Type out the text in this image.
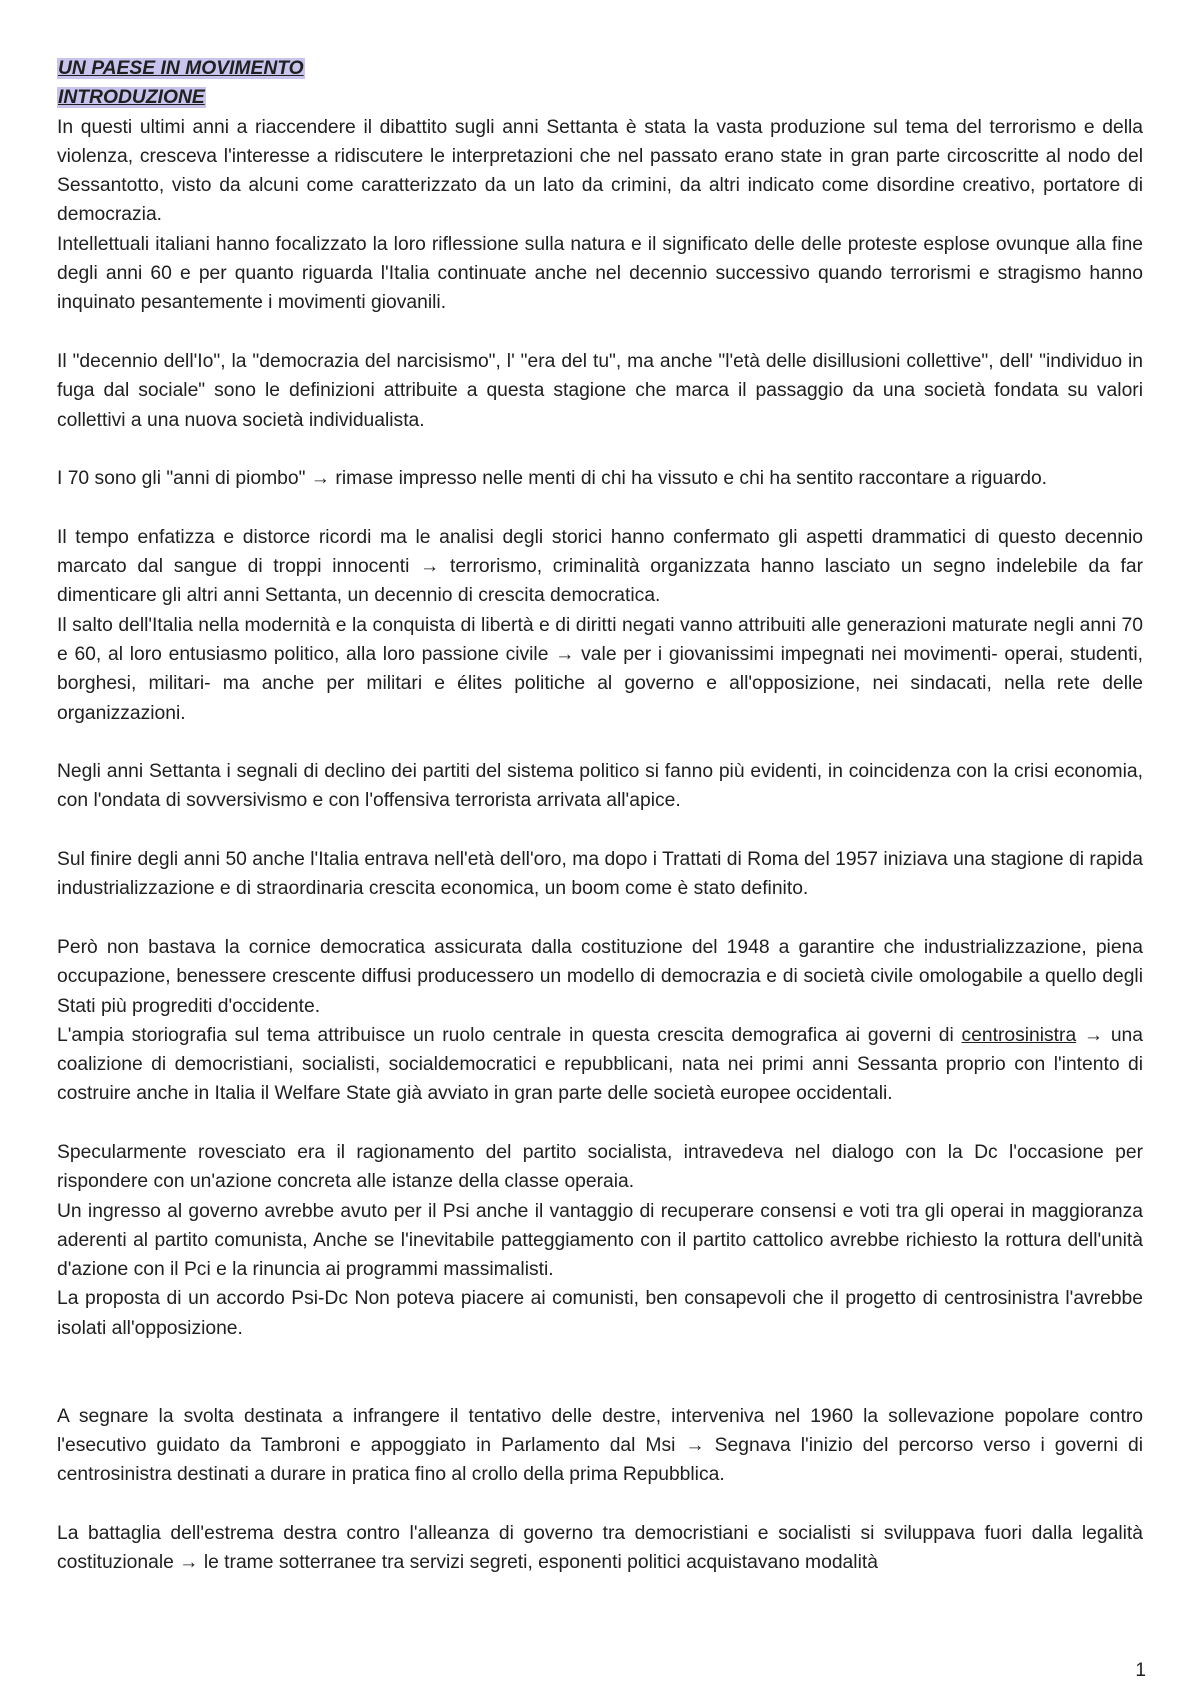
UN PAESE IN MOVIMENTO
INTRODUZIONE

In questi ultimi anni a riaccendere il dibattito sugli anni Settanta è stata la vasta produzione sul tema del terrorismo e della violenza, cresceva l'interesse a ridiscutere le interpretazioni che nel passato erano state in gran parte circoscritte al nodo del Sessantotto, visto da alcuni come caratterizzato da un lato da crimini, da altri indicato come disordine creativo, portatore di democrazia.

Intellettuali italiani hanno focalizzato la loro riflessione sulla natura e il significato delle delle proteste esplose ovunque alla fine degli anni 60 e per quanto riguarda l'Italia continuate anche nel decennio successivo quando terrorismi e stragismo hanno inquinato pesantemente i movimenti giovanili.

Il "decennio dell'Io", la "democrazia del narcisismo", l' "era del tu", ma anche "l'età delle disillusioni collettive", dell' "individuo in fuga dal sociale" sono le definizioni attribuite a questa stagione che marca il passaggio da una società fondata su valori collettivi a una nuova società individualista.

I 70 sono gli "anni di piombo" → rimase impresso nelle menti di chi ha vissuto e chi ha sentito raccontare a riguardo.

Il tempo enfatizza e distorce ricordi ma le analisi degli storici hanno confermato gli aspetti drammatici di questo decennio marcato dal sangue di troppi innocenti → terrorismo, criminalità organizzata hanno lasciato un segno indelebile da far dimenticare gli altri anni Settanta, un decennio di crescita democratica.

Il salto dell'Italia nella modernità e la conquista di libertà e di diritti negati vanno attribuiti alle generazioni maturate negli anni 70 e 60, al loro entusiasmo politico, alla loro passione civile → vale per i giovanissimi impegnati nei movimenti- operai, studenti, borghesi, militari- ma anche per militari e élites politiche al governo e all'opposizione, nei sindacati, nella rete delle organizzazioni.

Negli anni Settanta i segnali di declino dei partiti del sistema politico si fanno più evidenti, in coincidenza con la crisi economia, con l'ondata di sovversivismo e con l'offensiva terrorista arrivata all'apice.

Sul finire degli anni 50 anche l'Italia entrava nell'età dell'oro, ma dopo i Trattati di Roma del 1957 iniziava una stagione di rapida industrializzazione e di straordinaria crescita economica, un boom come è stato definito.

Però non bastava la cornice democratica assicurata dalla costituzione del 1948 a garantire che industrializzazione, piena occupazione, benessere crescente diffusi producessero un modello di democrazia e di società civile omologabile a quello degli Stati più progrediti d'occidente.

L'ampia storiografia sul tema attribuisce un ruolo centrale in questa crescita demografica ai governi di centrosinistra → una coalizione di democristiani, socialisti, socialdemocratici e repubblicani, nata nei primi anni Sessanta proprio con l'intento di costruire anche in Italia il Welfare State già avviato in gran parte delle società europee occidentali.

Specularmente rovesciato era il ragionamento del partito socialista, intravedeva nel dialogo con la Dc l'occasione per rispondere con un'azione concreta alle istanze della classe operaia.

Un ingresso al governo avrebbe avuto per il Psi anche il vantaggio di recuperare consensi e voti tra gli operai in maggioranza aderenti al partito comunista, Anche se l'inevitabile patteggiamento con il partito cattolico avrebbe richiesto la rottura dell'unità d'azione con il Pci e la rinuncia ai programmi massimalisti.

La proposta di un accordo Psi-Dc Non poteva piacere ai comunisti, ben consapevoli che il progetto di centrosinistra l'avrebbe isolati all'opposizione.

A segnare la svolta destinata a infrangere il tentativo delle destre, interveniva nel 1960 la sollevazione popolare contro l'esecutivo guidato da Tambroni e appoggiato in Parlamento dal Msi → Segnava l'inizio del percorso verso i governi di centrosinistra destinati a durare in pratica fino al crollo della prima Repubblica.

La battaglia dell'estrema destra contro l'alleanza di governo tra democristiani e socialisti si sviluppava fuori dalla legalità costituzionale → le trame sotterranee tra servizi segreti, esponenti politici acquistavano modalità

1
